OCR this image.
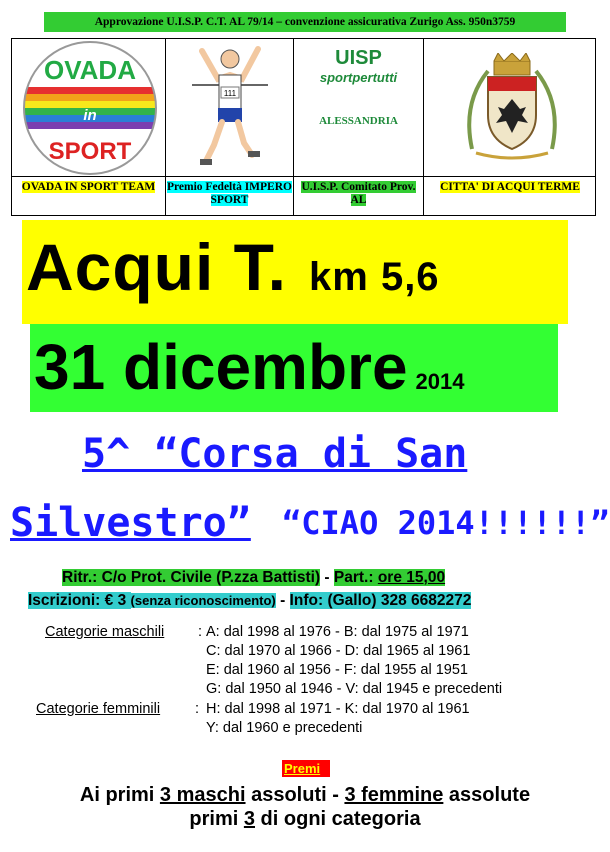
Approvazione U.I.S.P. C.T. AL 79/14 – convenzione assicurativa Zurigo Ass. 950n3759
OVADA
in
SPORT
111
UISP
sportpertutti
ALESSANDRIA
OVADA IN SPORT TEAM	Premio Fedeltà IMPERO SPORT
U.I.S.P. Comitato Prov. AL
CITTA' DI ACQUI TERME
Acqui T. km 5,6
31 dicembre 2014
5^ “Corsa di San
Silvestro” “CIAO 2014!!!!!!”
Ritr.: C/o Prot. Civile (P.zza Battisti) - Part.: ore 15,00
Iscrizioni: € 3 (senza riconoscimento) - Info: (Gallo) 328 6682272
Categorie maschili : A: dal 1998 al 1976 - B: dal 1975 al 1971
C: dal 1970 al 1966 - D: dal 1965 al 1961
E: dal 1960 al 1956 - F: dal 1955 al 1951
G: dal 1950 al 1946 - V: dal 1945 e precedenti
Categorie femminili : H: dal 1998 al 1971 - K: dal 1970 al 1961
Y: dal 1960 e precedenti
Premi
Ai primi 3 maschi assoluti - 3 femmine assolute
primi 3 di ogni categoria
